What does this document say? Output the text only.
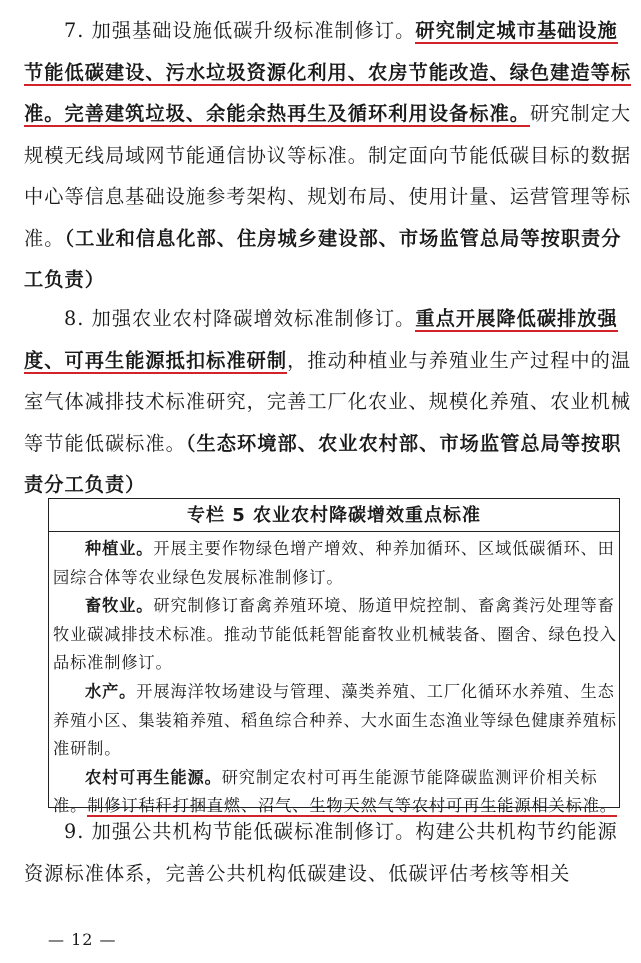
7. 加强基础设施低碳升级标准制修订。研究制定城市基础设施节能低碳建设、污水垃圾资源化利用、农房节能改造、绿色建造等标准。完善建筑垃圾、余能余热再生及循环利用设备标准。研究制定大规模无线局域网节能通信协议等标准。制定面向节能低碳目标的数据中心等信息基础设施参考架构、规划布局、使用计量、运营管理等标准。（工业和信息化部、住房城乡建设部、市场监管总局等按职责分工负责）
8. 加强农业农村降碳增效标准制修订。重点开展降低碳排放强度、可再生能源抵扣标准研制，推动种植业与养殖业生产过程中的温室气体减排技术标准研究，完善工厂化农业、规模化养殖、农业机械等节能低碳标准。（生态环境部、农业农村部、市场监管总局等按职责分工负责）
专栏 5 农业农村降碳增效重点标准
种植业。开展主要作物绿色增产增效、种养加循环、区域低碳循环、田园综合体等农业绿色发展标准制修订。
畜牧业。研究制修订畜禽养殖环境、肠道甲烷控制、畜禽粪污处理等畜牧业碳减排技术标准。推动节能低耗智能畜牧业机械装备、圈舍、绿色投入品标准制修订。
水产。开展海洋牧场建设与管理、藻类养殖、工厂化循环水养殖、生态养殖小区、集装箱养殖、稻鱼综合种养、大水面生态渔业等绿色健康养殖标准研制。
农村可再生能源。研究制定农村可再生能源节能降碳监测评价相关标准。制修订秸秆打捆直燃、沼气、生物天然气等农村可再生能源相关标准。
9. 加强公共机构节能低碳标准制修订。构建公共机构节约能源资源标准体系，完善公共机构低碳建设、低碳评估考核等相关
— 12 —
